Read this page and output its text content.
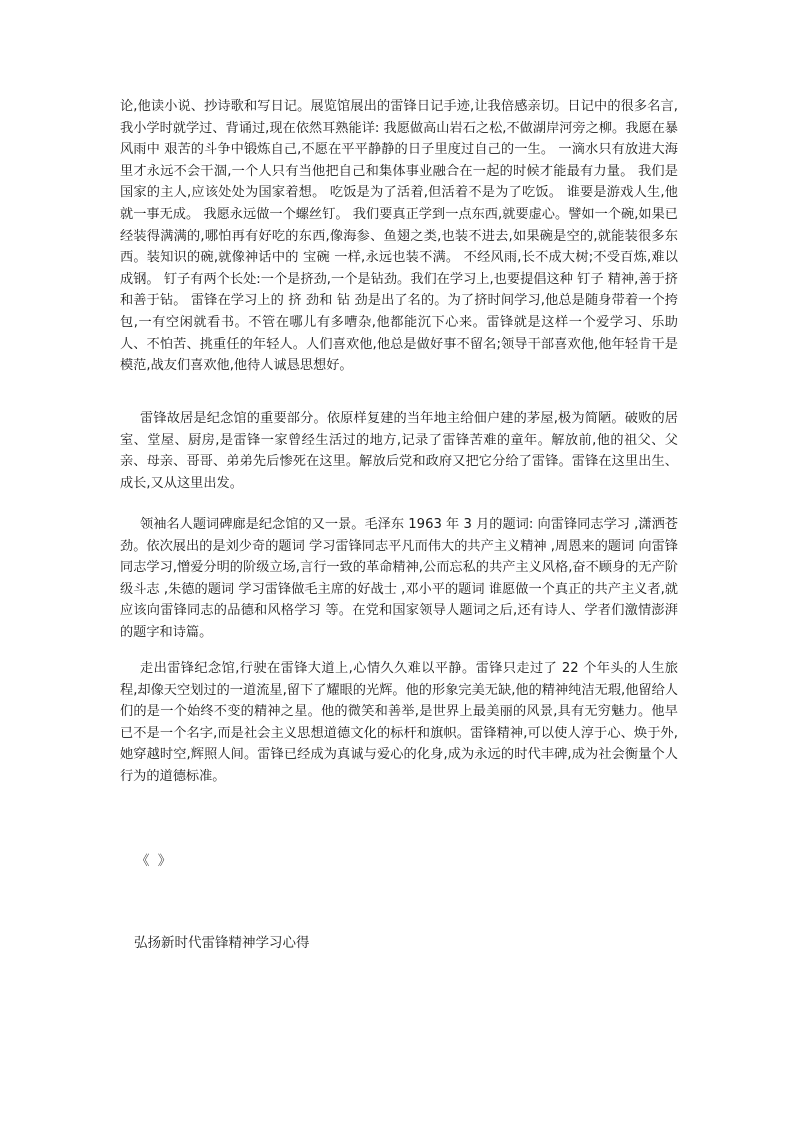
论,他读小说、抄诗歌和写日记。展览馆展出的雷锋日记手迹,让我倍感亲切。日记中的很多名言,我小学时就学过、背诵过,现在依然耳熟能详: 我愿做高山岩石之松,不做湖岸河旁之柳。我愿在暴风雨中 艰苦的斗争中锻炼自己,不愿在平平静静的日子里度过自己的一生。 一滴水只有放进大海里才永远不会干涸,一个人只有当他把自己和集体事业融合在一起的时候才能最有力量。 我们是国家的主人,应该处处为国家着想。 吃饭是为了活着,但活着不是为了吃饭。 谁要是游戏人生,他就一事无成。 我愿永远做一个螺丝钉。 我们要真正学到一点东西,就要虚心。譬如一个碗,如果已经装得满满的,哪怕再有好吃的东西,像海参、鱼翅之类,也装不进去,如果碗是空的,就能装很多东西。装知识的碗,就像神话中的 宝碗 一样,永远也装不满。 不经风雨,长不成大树;不受百炼,难以成钢。 钉子有两个长处:一个是挤劲,一个是钻劲。我们在学习上,也要提倡这种 钉子 精神,善于挤和善于钻。 雷锋在学习上的 挤 劲和 钻 劲是出了名的。为了挤时间学习,他总是随身带着一个挎包,一有空闲就看书。不管在哪儿有多嘈杂,他都能沉下心来。雷锋就是这样一个爱学习、乐助人、不怕苦、挑重任的年轻人。人们喜欢他,他总是做好事不留名;领导干部喜欢他,他年轻肯干是模范,战友们喜欢他,他待人诚恳思想好。

雷锋故居是纪念馆的重要部分。依原样复建的当年地主给佃户建的茅屋,极为简陋。破败的居室、堂屋、厨房,是雷锋一家曾经生活过的地方,记录了雷锋苦难的童年。解放前,他的祖父、父亲、母亲、哥哥、弟弟先后惨死在这里。解放后党和政府又把它分给了雷锋。雷锋在这里出生、成长,又从这里出发。

领袖名人题词碑廊是纪念馆的又一景。毛泽东 1963 年 3 月的题词: 向雷锋同志学习 ,潇洒苍劲。依次展出的是刘少奇的题词 学习雷锋同志平凡而伟大的共产主义精神 ,周恩来的题词 向雷锋同志学习,憎爱分明的阶级立场,言行一致的革命精神,公而忘私的共产主义风格,奋不顾身的无产阶级斗志 ,朱德的题词 学习雷锋做毛主席的好战士 ,邓小平的题词 谁愿做一个真正的共产主义者,就应该向雷锋同志的品德和风格学习 等。在党和国家领导人题词之后,还有诗人、学者们激情澎湃的题字和诗篇。

走出雷锋纪念馆,行驶在雷锋大道上,心情久久难以平静。雷锋只走过了 22 个年头的人生旅程,却像天空划过的一道流星,留下了耀眼的光辉。他的形象完美无缺,他的精神纯洁无瑕,他留给人们的是一个始终不变的精神之星。他的微笑和善举,是世界上最美丽的风景,具有无穷魅力。他早已不是一个名字,而是社会主义思想道德文化的标杆和旗帜。雷锋精神,可以使人淳于心、焕于外,她穿越时空,辉照人间。雷锋已经成为真诚与爱心的化身,成为永远的时代丰碑,成为社会衡量个人行为的道德标准。

《 》
弘扬新时代雷锋精神学习心得
